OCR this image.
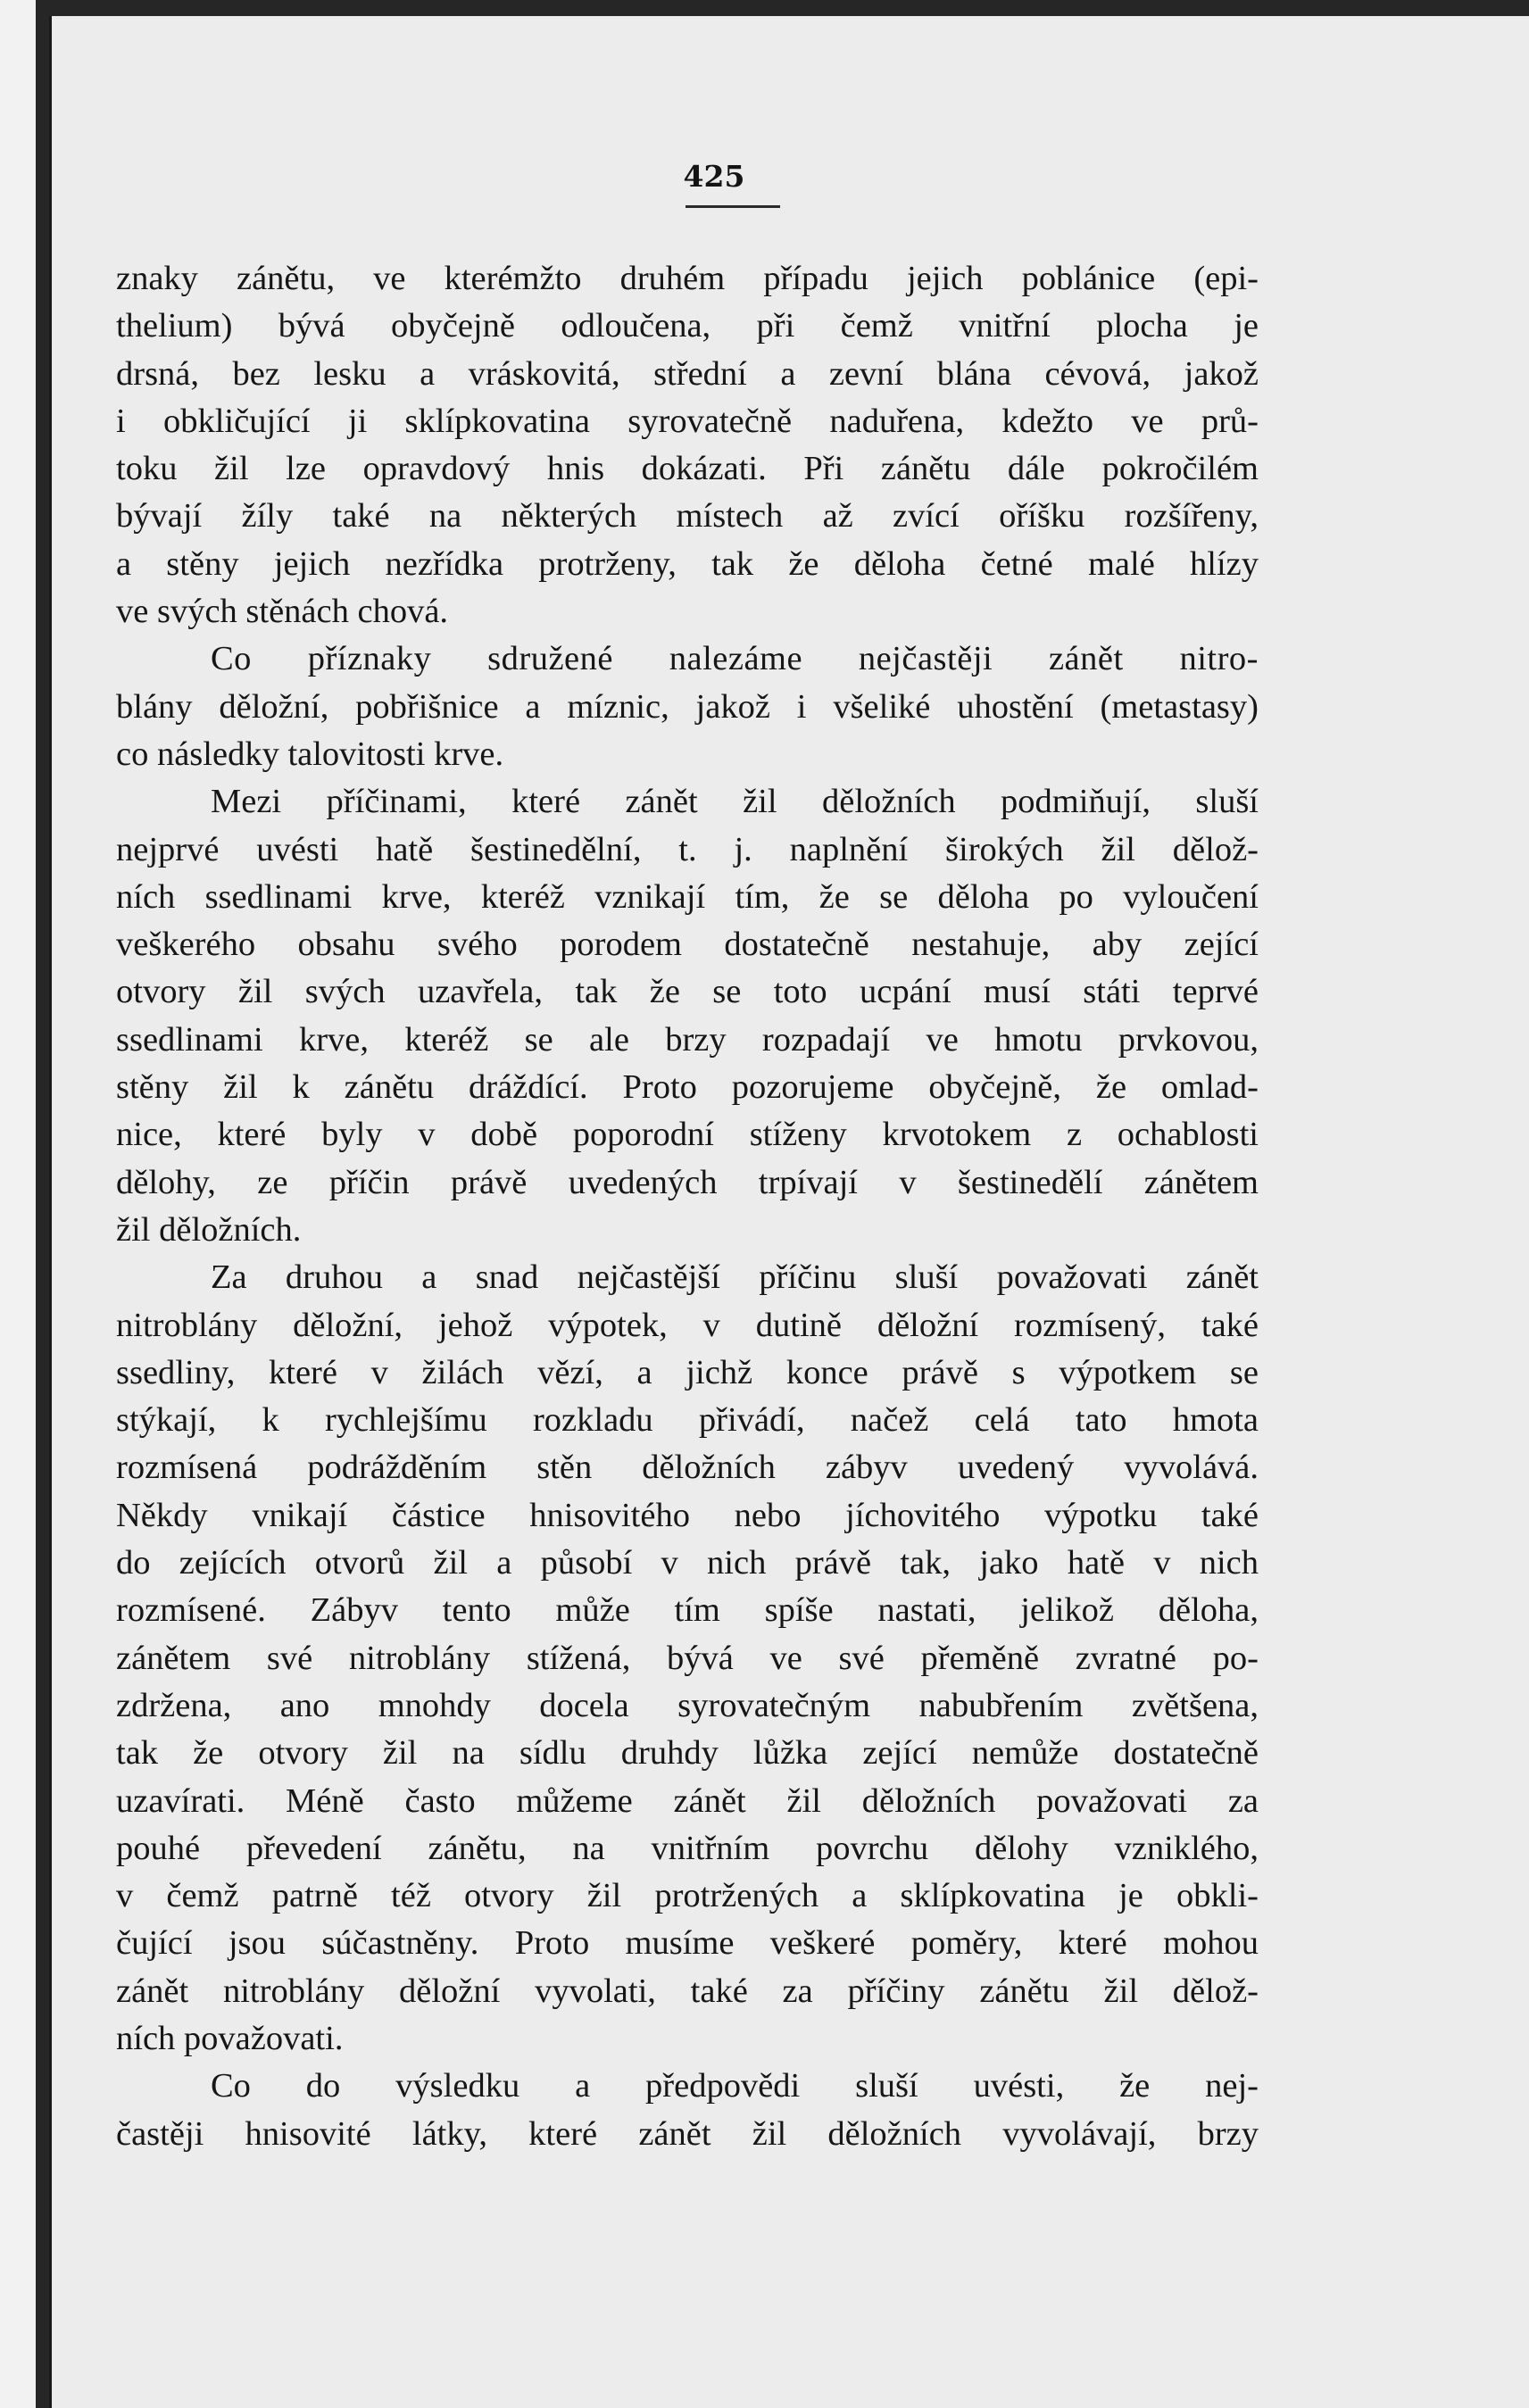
425

znaky zánětu, ve kterémžto druhém případu jejich poblánice (epi-
thelium) bývá obyčejně odloučena, při čemž vnitřní plocha je
drsná, bez lesku a vráskovitá, střední a zevní blána cévová, jakož
i obkličující ji sklípkovatina syrovatečně naduřena, kdežto ve prů-
toku žil lze opravdový hnis dokázati. Při zánětu dále pokročilém
bývají žíly také na některých místech až zvící oříšku rozšířeny,
a stěny jejich nezřídka protrženy, tak že děloha četné malé hlízy

ve svých stěnách chová.

Co příznaky sdružené nalezáme nejčastěji zánět nitro-
blány děložní, pobřišnice a míznic, jakož i všeliké uhostění (metastasy)

co následky talovitosti krve.

Mezi příčinami, které zánět žil děložních podmiňují, sluší
nejprvé uvésti hatě šestinedělní, t. j. naplnění širokých žil dělož-
ních ssedlinami krve, kteréž vznikají tím, že se děloha po vyloučení
veškerého obsahu svého porodem dostatečně nestahuje, aby zející
otvory žil svých uzavřela, tak že se toto ucpání musí státi teprvé
ssedlinami krve, kteréž se ale brzy rozpadají ve hmotu prvkovou,
stěny žil k zánětu dráždící. Proto pozorujeme obyčejně, že omlad-
nice, které byly v době poporodní stíženy krvotokem z ochablosti
dělohy, ze příčin právě uvedených trpívají v šestinedělí zánětem

žil děložních.

Za druhou a snad nejčastější příčinu sluší považovati zánět
nitroblány děložní, jehož výpotek, v dutině děložní rozmísený, také
ssedliny, které v žilách vězí, a jichž konce právě s výpotkem se
stýkají, k rychlejšímu rozkladu přivádí, načež celá tato hmota
rozmísená podrážděním stěn děložních zábyv uvedený vyvolává.
Někdy vnikají částice hnisovitého nebo jíchovitého výpotku také
do zejících otvorů žil a působí v nich právě tak, jako hatě v nich
rozmísené. Zábyv tento může tím spíše nastati, jelikož děloha,
zánětem své nitroblány stížená, bývá ve své přeměně zvratné po-
zdržena, ano mnohdy docela syrovatečným nabubřením zvětšena,
tak že otvory žil na sídlu druhdy lůžka zející nemůže dostatečně
uzavírati. Méně často můžeme zánět žil děložních považovati za
pouhé převedení zánětu, na vnitřním povrchu dělohy vzniklého,
v čemž patrně též otvory žil protržených a sklípkovatina je obkli-
čující jsou súčastněny. Proto musíme veškeré poměry, které mohou
zánět nitroblány děložní vyvolati, také za příčiny zánětu žil dělož-

ních považovati.

Co do výsledku a předpovědi sluší uvésti, že nej-
častěji hnisovité látky, které zánět žil děložních vyvolávají, brzy
